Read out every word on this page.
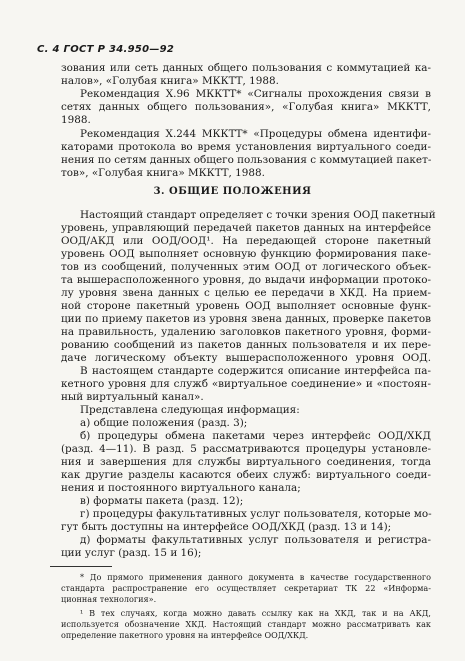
С. 4 ГОСТ Р 34.950—92
зования или сеть данных общего пользования с коммутацией ка-
налов», «Голубая книга» МККТТ, 1988.
Рекомендация X.96 МККТТ* «Сигналы прохождения связи в
сетях данных общего пользования», «Голубая книга» МККТТ,
1988.
Рекомендация X.244 МККТТ* «Процедуры обмена идентифи-
каторами протокола во время установления виртуального соеди-
нения по сетям данных общего пользования с коммутацией пакет-
тов», «Голубая книга» МККТТ, 1988.
3. ОБЩИЕ ПОЛОЖЕНИЯ
Настоящий стандарт определяет с точки зрения ООД пакетный
уровень, управляющий передачей пакетов данных на интерфейсе
ООД/АКД или ООД/ООД¹. На передающей стороне пакетный
уровень ООД выполняет основную функцию формирования паке-
тов из сообщений, полученных этим ООД от логического объек-
та вышерасположенного уровня, до выдачи информации протоко-
лу уровня звена данных с целью ее передачи в ХКД. На прием-
ной стороне пакетный уровень ООД выполняет основные функ-
ции по приему пакетов из уровня звена данных, проверке пакетов
на правильность, удалению заголовков пакетного уровня, форми-
рованию сообщений из пакетов данных пользователя и их пере-
даче логическому объекту вышерасположенного уровня ООД.
В настоящем стандарте содержится описание интерфейса па-
кетного уровня для служб «виртуальное соединение» и «постоян-
ный виртуальный канал».
Представлена следующая информация:
а) общие положения (разд. 3);
б) процедуры обмена пакетами через интерфейс ООД/ХКД
(разд. 4—11). В разд. 5 рассматриваются процедуры установле-
ния и завершения для службы виртуального соединения, тогда
как другие разделы касаются обеих служб: виртуального соеди-
нения и постоянного виртуального канала;
в) форматы пакета (разд. 12);
г) процедуры факультативных услуг пользователя, которые мо-
гут быть доступны на интерфейсе ООД/ХКД (разд. 13 и 14);
д) форматы факультативных услуг пользователя и регистра-
ции услуг (разд. 15 и 16);
* До прямого применения данного документа в качестве государственного
стандарта распространение его осуществляет секретариат ТК 22 «Информа-
ционная технология».
¹ В тех случаях, когда можно давать ссылку как на ХКД, так и на АКД,
используется обозначение ХКД. Настоящий стандарт можно рассматривать как
определение пакетного уровня на интерфейсе ООД/ХКД.
